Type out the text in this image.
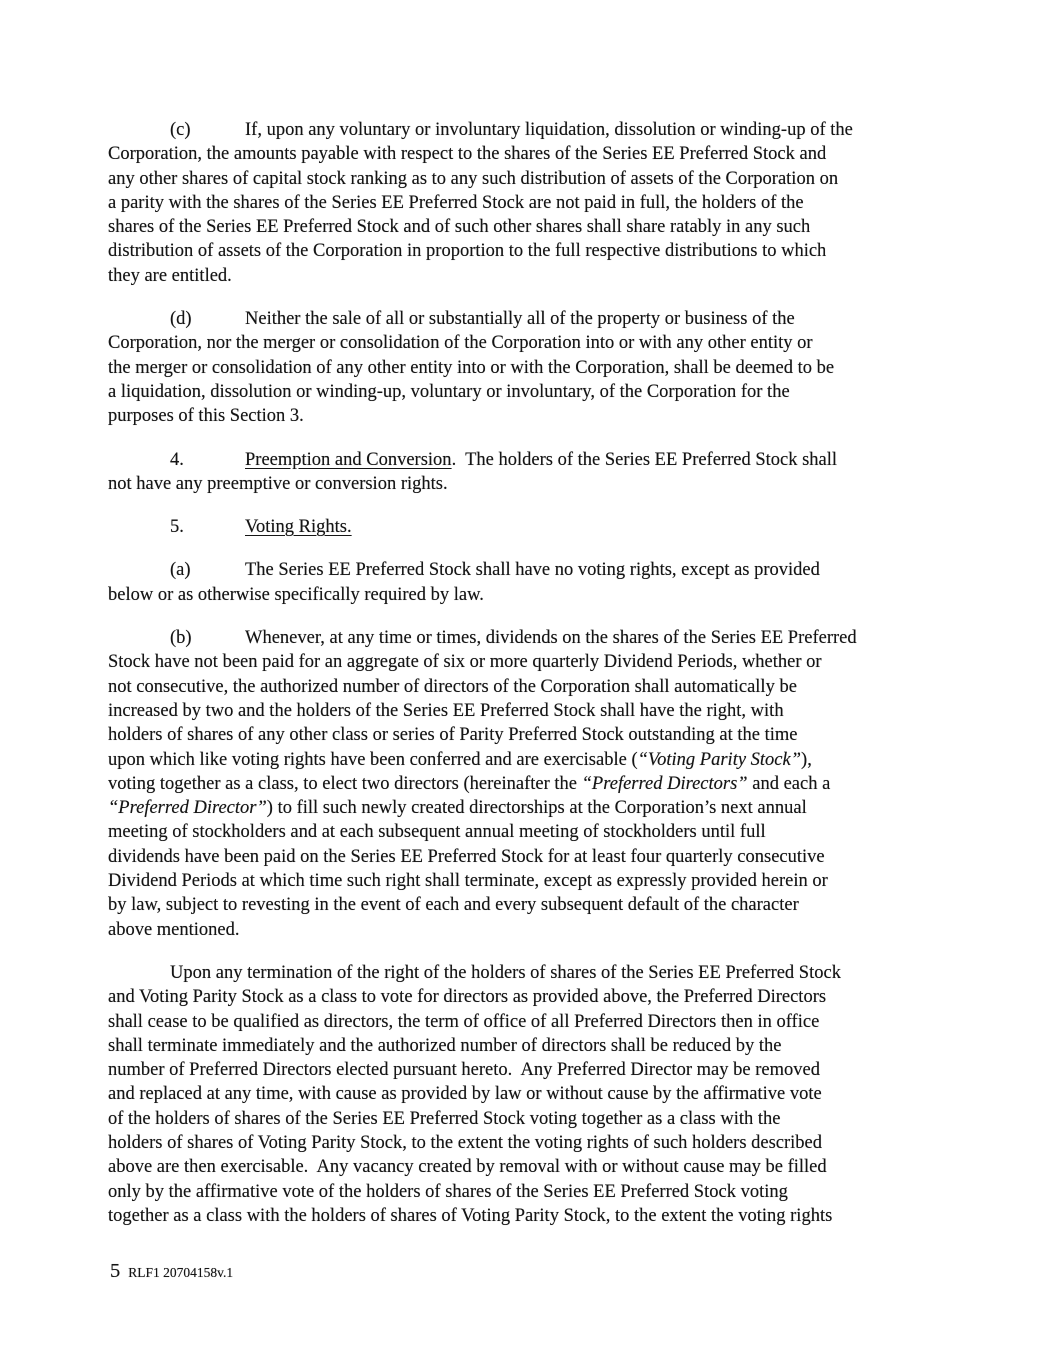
(c)	If, upon any voluntary or involuntary liquidation, dissolution or winding-up of the
Corporation, the amounts payable with respect to the shares of the Series EE Preferred Stock and
any other shares of capital stock ranking as to any such distribution of assets of the Corporation on
a parity with the shares of the Series EE Preferred Stock are not paid in full, the holders of the
shares of the Series EE Preferred Stock and of such other shares shall share ratably in any such
distribution of assets of the Corporation in proportion to the full respective distributions to which
they are entitled.
(d)	Neither the sale of all or substantially all of the property or business of the
Corporation, nor the merger or consolidation of the Corporation into or with any other entity or
the merger or consolidation of any other entity into or with the Corporation, shall be deemed to be
a liquidation, dissolution or winding-up, voluntary or involuntary, of the Corporation for the
purposes of this Section 3.
4.	Preemption and Conversion.  The holders of the Series EE Preferred Stock shall
not have any preemptive or conversion rights.
5.	Voting Rights.
(a)	The Series EE Preferred Stock shall have no voting rights, except as provided
below or as otherwise specifically required by law.
(b)	Whenever, at any time or times, dividends on the shares of the Series EE Preferred
Stock have not been paid for an aggregate of six or more quarterly Dividend Periods, whether or
not consecutive, the authorized number of directors of the Corporation shall automatically be
increased by two and the holders of the Series EE Preferred Stock shall have the right, with
holders of shares of any other class or series of Parity Preferred Stock outstanding at the time
upon which like voting rights have been conferred and are exercisable (“Voting Parity Stock”),
voting together as a class, to elect two directors (hereinafter the “Preferred Directors” and each a
“Preferred Director”) to fill such newly created directorships at the Corporation’s next annual
meeting of stockholders and at each subsequent annual meeting of stockholders until full
dividends have been paid on the Series EE Preferred Stock for at least four quarterly consecutive
Dividend Periods at which time such right shall terminate, except as expressly provided herein or
by law, subject to revesting in the event of each and every subsequent default of the character
above mentioned.
Upon any termination of the right of the holders of shares of the Series EE Preferred Stock
and Voting Parity Stock as a class to vote for directors as provided above, the Preferred Directors
shall cease to be qualified as directors, the term of office of all Preferred Directors then in office
shall terminate immediately and the authorized number of directors shall be reduced by the
number of Preferred Directors elected pursuant hereto.  Any Preferred Director may be removed
and replaced at any time, with cause as provided by law or without cause by the affirmative vote
of the holders of shares of the Series EE Preferred Stock voting together as a class with the
holders of shares of Voting Parity Stock, to the extent the voting rights of such holders described
above are then exercisable.  Any vacancy created by removal with or without cause may be filled
only by the affirmative vote of the holders of shares of the Series EE Preferred Stock voting
together as a class with the holders of shares of Voting Parity Stock, to the extent the voting rights
5 RLF1 20704158v.1
